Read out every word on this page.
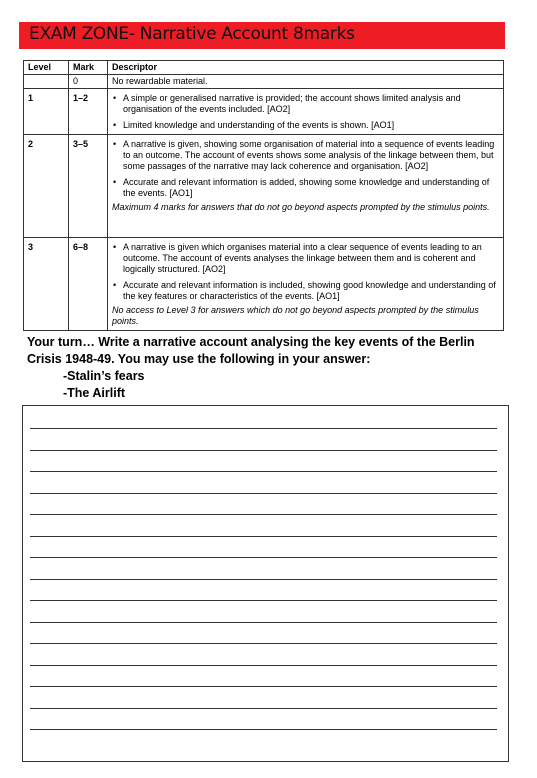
EXAM ZONE- Narrative Account 8marks
Level	Mark	Descriptor
	0	No rewardable material.

1	1–2	• A simple or generalised narrative is provided; the account shows limited analysis and organisation of the events included. [AO2]
• Limited knowledge and understanding of the events is shown. [AO1]

2	3–5	• A narrative is given, showing some organisation of material into a sequence of events leading to an outcome. The account of events shows some analysis of the linkage between them, but some passages of the narrative may lack coherence and organisation. [AO2]
• Accurate and relevant information is added, showing some knowledge and understanding of the events. [AO1]
Maximum 4 marks for answers that do not go beyond aspects prompted by the stimulus points.

3	6–8	• A narrative is given which organises material into a clear sequence of events leading to an outcome. The account of events analyses the linkage between them and is coherent and logically structured. [AO2]
• Accurate and relevant information is included, showing good knowledge and understanding of the key features or characteristics of the events. [AO1]
No access to Level 3 for answers which do not go beyond aspects prompted by the stimulus points.
Your turn… Write a narrative account analysing the key events of the Berlin Crisis 1948-49. You may use the following in your answer:
-Stalin’s fears
-The Airlift
